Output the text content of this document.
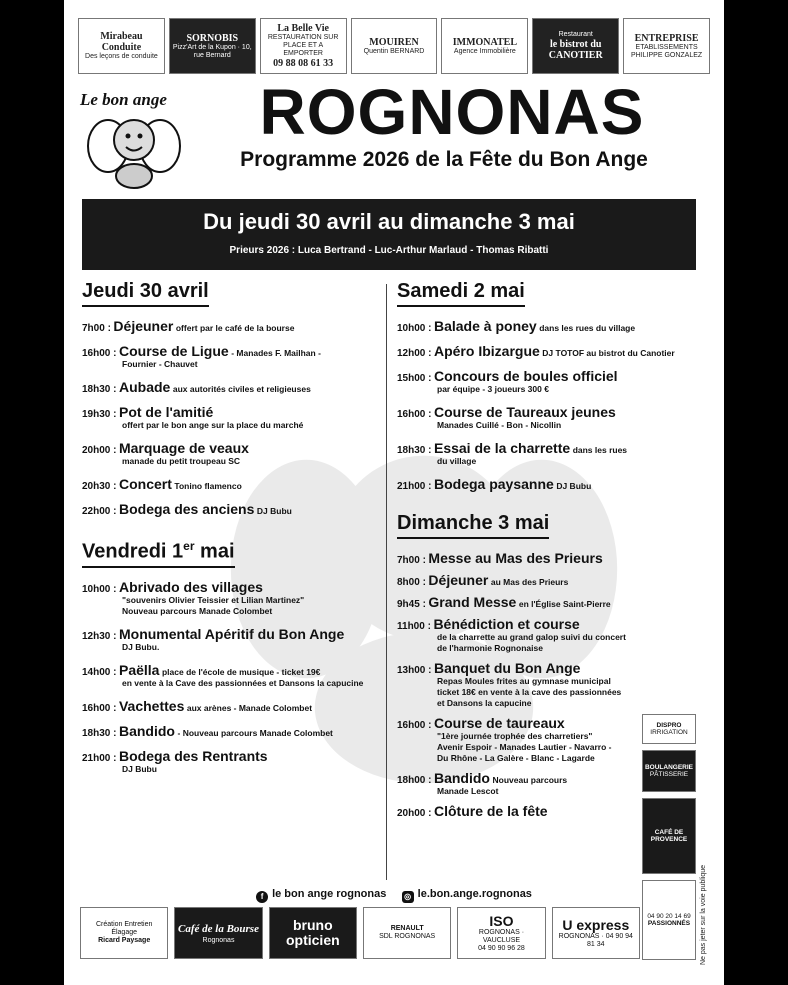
Mirabeau Conduite
Des leçons de conduite
SORNOBIS
Pizz'Art de la Kupon · 10, rue Bernard
La Belle Vie
RESTAURATION SUR PLACE ET A EMPORTER
09 88 08 61 33
MOUIREN
Quentin BERNARD
IMMONATEL
Agence Immobilière
Restaurant
le bistrot du CANOTIER
ENTREPRISE
ETABLISSEMENTS PHILIPPE GONZALEZ
Le bon ange	ROGNONAS
Programme 2026 de la Fête du Bon Ange
Du jeudi 30 avril au dimanche 3 mai
Prieurs 2026 : Luca Bertrand - Luc-Arthur Marlaud - Thomas Ribatti
Jeudi 30 avril
7h00 : Déjeuner offert par le café de la bourse
16h00 : Course de Ligue - Manades F. Mailhan -
Fournier - Chauvet
18h30 : Aubade aux autorités civiles et religieuses
19h30 : Pot de l'amitié
offert par le bon ange sur la place du marché
20h00 : Marquage de veaux
manade du petit troupeau SC
20h30 : Concert Tonino flamenco
22h00 : Bodega des anciens DJ Bubu
Vendredi 1er mai
10h00 : Abrivado des villages
"souvenirs Olivier Teissier et Lilian Martinez"
Nouveau parcours Manade Colombet
12h30 : Monumental Apéritif du Bon Ange
DJ Bubu.
14h00 : Paëlla place de l'école de musique - ticket 19€
en vente à la Cave des passionnées et Dansons la capucine
16h00 : Vachettes aux arènes - Manade Colombet
18h30 : Bandido - Nouveau parcours Manade Colombet
21h00 : Bodega des Rentrants
DJ Bubu
Samedi 2 mai
10h00 : Balade à poney dans les rues du village
12h00 : Apéro Ibizargue DJ TOTOF au bistrot du Canotier
15h00 : Concours de boules officiel
par équipe - 3 joueurs 300 €
16h00 : Course de Taureaux jeunes
Manades Cuillé - Bon - Nicollin
18h30 : Essai de la charrette dans les rues
du village
21h00 : Bodega paysanne DJ Bubu
Dimanche 3 mai
7h00 : Messe au Mas des Prieurs
8h00 : Déjeuner au Mas des Prieurs
9h45 : Grand Messe en l'Église Saint-Pierre
11h00 : Bénédiction et course
de la charrette au grand galop suivi du concert
de l'harmonie Rognonaise
13h00 : Banquet du Bon Ange
Repas Moules frites au gymnase municipal
ticket 18€ en vente à la cave des passionnées
et Dansons la capucine
16h00 : Course de taureaux
"1ère journée trophée des charretiers"
Avenir Espoir - Manades Lautier - Navarro -
Du Rhône - La Galère - Blanc - Lagarde
18h00 : Bandido Nouveau parcours
Manade Lescot
20h00 : Clôture de la fête
DISPRO
IRRIGATION
BOULANGERIE
PÂTISSERIE
CAFÉ DE PROVENCE
04 90 20 14 69
PASSIONNÉS Ne pas jeter sur la voie publique
f le bon ange rognonas ◎ le.bon.ange.rognonas
Création Entretien Élagage
Ricard Paysage
Café de la Bourse
Rognonas
bruno opticien
RENAULT
SDL ROGNONAS
ISO
ROGNONAS · VAUCLUSE
04 90 90 96 28
U express
ROGNONAS · 04 90 94 81 34
